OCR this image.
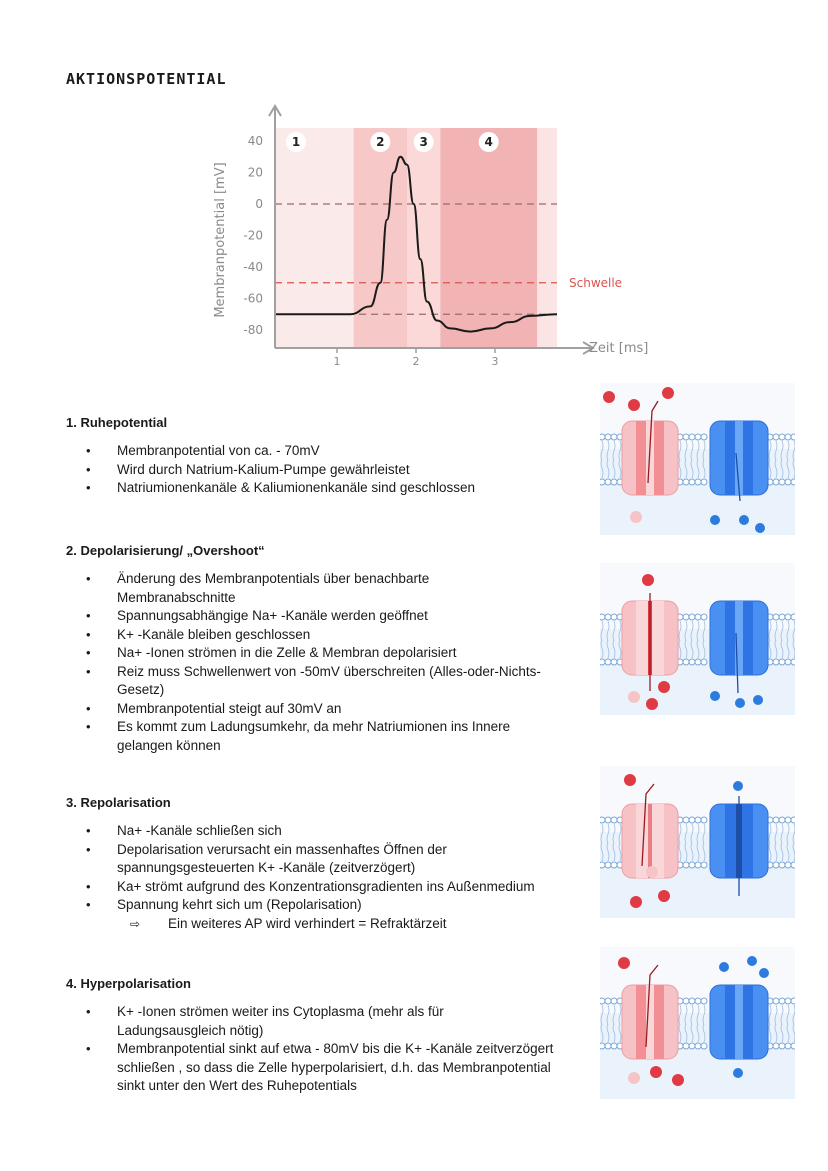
AKTIONSPOTENTIAL
1	2	3	4
40
20
0
-20
-40
-60
-80
1	2	3
Membranpotential [mV]
Zeit [ms]
Schwelle
1. Ruhepotential
• Membranpotential von ca. - 70mV
• Wird durch Natrium-Kalium-Pumpe gewährleistet
• Natriumionenkanäle & Kaliumionenkanäle sind geschlossen
2. Depolarisierung/ „Overshoot“
• Änderung des Membranpotentials über benachbarte Membranabschnitte
• Spannungsabhängige Na+ -Kanäle werden geöffnet
• K+ -Kanäle bleiben geschlossen
• Na+ -Ionen strömen in die Zelle & Membran depolarisiert
• Reiz muss Schwellenwert von -50mV überschreiten (Alles-oder-Nichts- Gesetz)
• Membranpotential steigt auf 30mV an
• Es kommt zum Ladungsumkehr, da mehr Natriumionen ins Innere gelangen können
3. Repolarisation
• Na+ -Kanäle schließen sich
• Depolarisation verursacht ein massenhaftes Öffnen der spannungsgesteuerten K+ -Kanäle (zeitverzögert)
• Ka+ strömt aufgrund des Konzentrationsgradienten ins Außenmedium
• Spannung kehrt sich um (Repolarisation)
⇨ Ein weiteres AP wird verhindert = Refraktärzeit
4. Hyperpolarisation
• K+ -Ionen strömen weiter ins Cytoplasma (mehr als für Ladungsausgleich nötig)
• Membranpotential sinkt auf etwa - 80mV bis die K+ -Kanäle zeitverzögert schließen , so dass die Zelle hyperpolarisiert, d.h. das Membranpotential sinkt unter den Wert des Ruhepotentials
